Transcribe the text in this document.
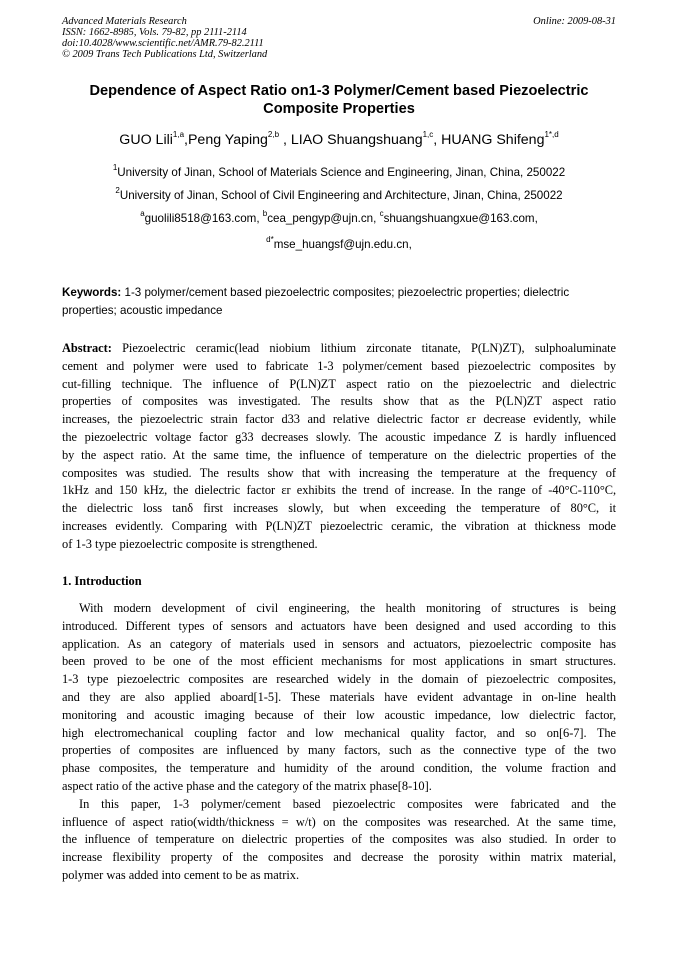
Advanced Materials Research
ISSN: 1662-8985, Vols. 79-82, pp 2111-2114
doi:10.4028/www.scientific.net/AMR.79-82.2111
© 2009 Trans Tech Publications Ltd, Switzerland
Online: 2009-08-31
Dependence of Aspect Ratio on1-3 Polymer/Cement based Piezoelectric
Composite Properties
GUO Lili$^{1,a}$,Peng Yaping$^{2,b}$ , LIAO Shuangshuang$^{1,c}$, HUANG Shifeng$^{1*,d}$
$^1$University of Jinan, School of Materials Science and Engineering, Jinan, China, 250022
$^2$University of Jinan, School of Civil Engineering and Architecture, Jinan, China, 250022
$^a$guolili8518@163.com, $^b$cea_pengyp@ujn.cn, $^c$shuangshuangxue@163.com,
$^{d*}$mse_huangsf@ujn.edu.cn,
Keywords: 1-3 polymer/cement based piezoelectric composites; piezoelectric properties; dielectric properties; acoustic impedance
Abstract: Piezoelectric ceramic(lead niobium lithium zirconate titanate, P(LN)ZT), sulphoaluminate
cement and polymer were used to fabricate 1-3 polymer/cement based piezoelectric composites by
cut-filling technique. The influence of P(LN)ZT aspect ratio on the piezoelectric and dielectric
properties of composites was investigated. The results show that as the P(LN)ZT aspect ratio
increases, the piezoelectric strain factor d33 and relative dielectric factor εr decrease evidently, while
the piezoelectric voltage factor g33 decreases slowly. The acoustic impedance Z is hardly influenced
by the aspect ratio. At the same time, the influence of temperature on the dielectric properties of the
composites was studied. The results show that with increasing the temperature at the frequency of
1kHz and 150 kHz, the dielectric factor εr exhibits the trend of increase. In the range of -40°C-110°C,
the dielectric loss tanδ first increases slowly, but when exceeding the temperature of 80°C, it
increases evidently. Comparing with P(LN)ZT piezoelectric ceramic, the vibration at thickness mode
of 1-3 type piezoelectric composite is strengthened.
1. Introduction
With modern development of civil engineering, the health monitoring of structures is being
introduced. Different types of sensors and actuators have been designed and used according to this
application. As an category of materials used in sensors and actuators, piezoelectric composite has
been proved to be one of the most efficient mechanisms for most applications in smart structures.
1-3 type piezoelectric composites are researched widely in the domain of piezoelectric composites,
and they are also applied aboard[1-5]. These materials have evident advantage in on-line health
monitoring and acoustic imaging because of their low acoustic impedance, low dielectric factor,
high electromechanical coupling factor and low mechanical quality factor, and so on[6-7]. The
properties of composites are influenced by many factors, such as the connective type of the two
phase composites, the temperature and humidity of the around condition, the volume fraction and
aspect ratio of the active phase and the category of the matrix phase[8-10].
In this paper, 1-3 polymer/cement based piezoelectric composites were fabricated and the
influence of aspect ratio(width/thickness = w/t) on the composites was researched. At the same time,
the influence of temperature on dielectric properties of the composites was also studied. In order to
increase flexibility property of the composites and decrease the porosity within matrix material,
polymer was added into cement to be as matrix.
